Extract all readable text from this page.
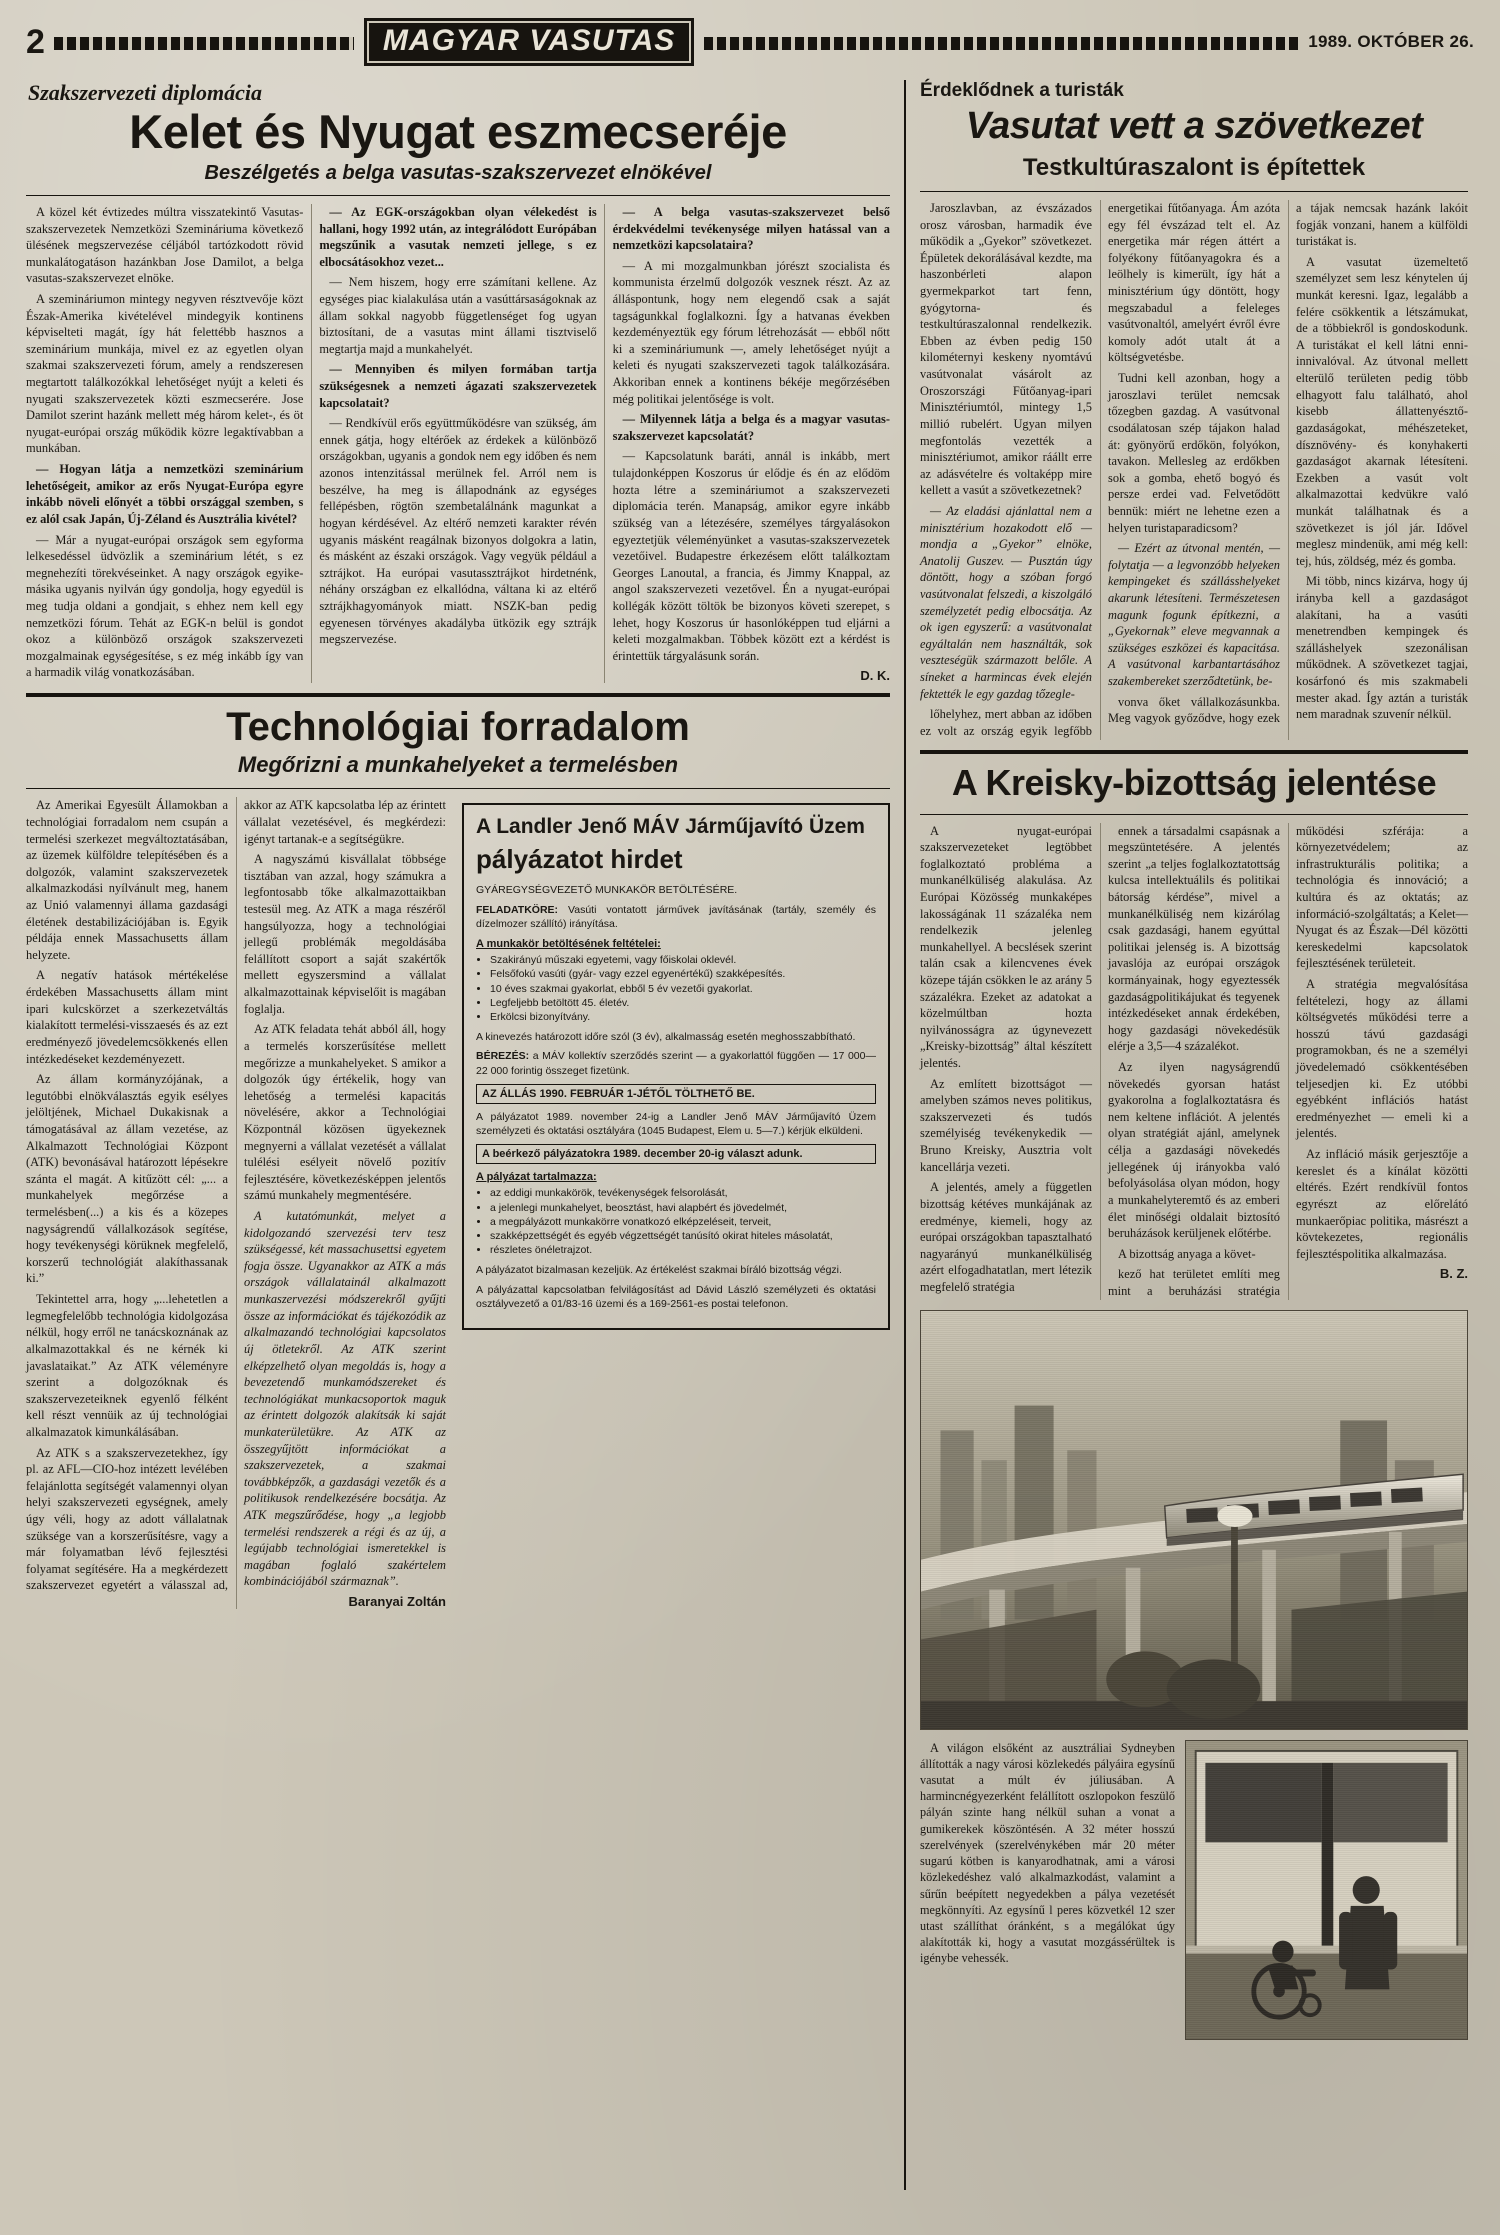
2	MAGYAR VASUTAS	1989. OKTÓBER 26.
Szakszervezeti diplomácia
Kelet és Nyugat eszmecseréje
Beszélgetés a belga vasutas-szakszervezet elnökével

A közel két évtizedes múltra visszatekintő Vasutas-szakszervezetek Nemzetközi Szemináriuma következő ülésének megszervezése céljából tartózkodott rövid munkalátogatáson hazánkban Jose Damilot, a belga vasutas-szakszervezet elnöke.

A szemináriumon mintegy negyven résztvevője közt Észak-Amerika kivételével mindegyik kontinens képviselteti magát, így hát felettébb hasznos a szeminárium munkája, mivel ez az egyetlen olyan szakmai szakszervezeti fórum, amely a rendszeresen megtartott találkozókkal lehetőséget nyújt a keleti és nyugati szakszervezetek közti eszmecserére. Jose Damilot szerint hazánk mellett még három kelet-, és öt nyugat-európai ország működik közre legaktívabban a munkában.

— Hogyan látja a nemzetközi szeminárium lehetőségeit, amikor az erős Nyugat-Európa egyre inkább növeli előnyét a többi országgal szemben, s ez alól csak Japán, Új-Zéland és Ausztrália kivétel?

— Már a nyugat-európai országok sem egyforma lelkesedéssel üdvözlik a szeminárium létét, s ez megnehezíti törekvéseinket. A nagy országok egyike-másika ugyanis nyilván úgy gondolja, hogy egyedül is meg tudja oldani a gondjait, s ehhez nem kell egy nemzetközi fórum. Tehát az EGK-n belül is gondot okoz a különböző országok szakszervezeti mozgalmainak egységesítése, s ez még inkább így van a harmadik világ vonatkozásában.

— Az EGK-országokban olyan vélekedést is hallani, hogy 1992 után, az integrálódott Európában megszűnik a vasutak nemzeti jellege, s ez elbocsátásokhoz vezet...

— Nem hiszem, hogy erre számítani kellene. Az egységes piac kialakulása után a vasúttársaságoknak az állam sokkal nagyobb függetlenséget fog ugyan biztosítani, de a vasutas mint állami tisztviselő megtartja majd a munkahelyét.

— Mennyiben és milyen formában tartja szükségesnek a nemzeti ágazati szakszervezetek kapcsolatait?

— Rendkívül erős együttműködésre van szükség, ám ennek gátja, hogy eltérőek az érdekek a különböző országokban, ugyanis a gondok nem egy időben és nem azonos intenzitással merülnek fel. Arról nem is beszélve, ha meg is állapodnánk az egységes fellépésben, rögtön szembetalálnánk magunkat a hogyan kérdésével. Az eltérő nemzeti karakter révén ugyanis másként reagálnak bizonyos dolgokra a latin, és másként az északi országok. Vagy vegyük például a sztrájkot. Ha európai vasutassztrájkot hirdetnénk, néhány országban ez elkallódna, váltana ki az eltérő sztrájkhagyományok miatt. NSZK-ban pedig egyenesen törvényes akadályba ütközik egy sztrájk megszervezése.

— A belga vasutas-szakszervezet belső érdekvédelmi tevékenysége milyen hatással van a nemzetközi kapcsolataira?

— A mi mozgalmunkban jórészt szocialista és kommunista érzelmű dolgozók vesznek részt. Az az álláspontunk, hogy nem elegendő csak a saját tagságunkkal foglalkozni. Így a hatvanas években kezdeményeztük egy fórum létrehozását — ebből nőtt ki a szemináriumunk —, amely lehetőséget nyújt a keleti és nyugati szakszervezeti tagok találkozására. Akkoriban ennek a kontinens békéje megőrzésében még politikai jelentősége is volt.

— Milyennek látja a belga és a magyar vasutas-szakszervezet kapcsolatát?

— Kapcsolatunk baráti, annál is inkább, mert tulajdonképpen Koszorus úr elődje és én az elődöm hozta létre a szemináriumot a szakszervezeti diplomácia terén. Manapság, amikor egyre inkább szükség van a létezésére, személyes tárgyalásokon egyeztetjük véleményünket a vasutas-szakszervezetek vezetőivel. Budapestre érkezésem előtt találkoztam Georges Lanoutal, a francia, és Jimmy Knappal, az angol szakszervezeti vezetővel. Én a nyugat-európai kollégák között töltök be bizonyos követi szerepet, s lehet, hogy Koszorus úr hasonlóképpen tud eljárni a keleti mozgalmakban. Többek között ezt a kérdést is érintettük tárgyalásunk során.

D. K.
Technológiai forradalom
Megőrizni a munkahelyeket a termelésben

Az Amerikai Egyesült Államokban a technológiai forradalom nem csupán a termelési szerkezet megváltoztatásában, az üzemek külföldre telepítésében és a dolgozók, valamint szakszervezetek alkalmazkodási nyílvánult meg, hanem az Unió valamennyi állama gazdasági életének destabilizációjában is. Egyik példája ennek Massachusetts állam helyzete.

A negatív hatások mértékelése érdekében Massachusetts állam mint ipari kulcskörzet a szerkezetváltás kialakított termelési-visszaesés és az ezt eredményező jövedelemcsökkenés ellen intézkedéseket kezdeményezett.

Az állam kormányzójának, a legutóbbi elnökválasztás egyik esélyes jelöltjének, Michael Dukakisnak a támogatásával az állam vezetése, az Alkalmazott Technológiai Központ (ATK) bevonásával határozott lépésekre szánta el magát. A kitűzött cél: „... a munkahelyek megőrzése a termelésben(...) a kis és a közepes nagyságrendű vállalkozások segítése, hogy tevékenységi körüknek megfelelő, korszerű technológiát alakíthassanak ki.”

Tekintettel arra, hogy „...lehetetlen a legmegfelelőbb technológia kidolgozása nélkül, hogy erről ne tanácskoznának az alkalmazottakkal és ne kérnék ki javaslataikat.” Az ATK véleményre szerint a dolgozóknak és szakszervezeteiknek egyenlő félként kell részt vennüik az új technológiai alkalmazatok kimunkálásában.

Az ATK s a szakszervezetekhez, így pl. az AFL—CIO-hoz intézett levélében felajánlotta segítségét valamennyi olyan helyi szakszervezeti egységnek, amely úgy véli, hogy az adott vállalatnak szüksége van a korszerűsítésre, vagy a már folyamatban lévő fejlesztési folyamat segítésére. Ha a megkérdezett szakszervezet egyetért a válasszal ad, akkor az ATK kapcsolatba lép az érintett vállalat vezetésével, és megkérdezi: igényt tartanak-e a segítségükre.

A nagyszámú kisvállalat többsége tisztában van azzal, hogy számukra a legfontosabb tőke alkalmazottaikban testesül meg. Az ATK a maga részéről hangsúlyozza, hogy a technológiai jellegű problémák megoldásába felállított csoport a saját szakértők mellett egyszersmind a vállalat alkalmazottainak képviselőit is magában foglalja.

Az ATK feladata tehát abból áll, hogy a termelés korszerűsítése mellett megőrizze a munkahelyeket. S amikor a dolgozók úgy értékelik, hogy van lehetőség a termelési kapacitás növelésére, akkor a Technológiai Központnál közösen ügyekeznek megnyerni a vállalat vezetését a vállalat tulélési esélyeit növelő pozitív fejlesztésére, következésképpen jelentős számú munkahely megmentésére.

A kutatómunkát, melyet a kidolgozandó szervezési terv tesz szükségessé, két massachusettsi egyetem fogja össze. Ugyanakkor az ATK a más országok vállalatainál alkalmazott munkaszervezési módszerekről gyűjti össze az információkat és tájékozódik az alkalmazandó technológiai kapcsolatos új ötletekről. Az ATK szerint elképzelhető olyan megoldás is, hogy a bevezetendő munkamódszereket és technológiákat munkacsoportok maguk az érintett dolgozók alakítsák ki saját munkaterületükre. Az ATK az összegyűjtött információkat a szakszervezetek, a szakmai továbbképzők, a gazdasági vezetők és a politikusok rendelkezésére bocsátja. Az ATK megszűrődése, hogy „a legjobb termelési rendszerek a régi és az új, a legújabb technológiai ismeretekkel is magában foglaló szakértelem kombinációjából származnak”.

Baranyai Zoltán
A Landler Jenő MÁV Járműjavító Üzem
pályázatot hirdet
GYÁREGYSÉGVEZETŐ MUNKAKÖR BETÖLTÉSÉRE.
FELADATKÖRE: Vasúti vontatott járművek javításának (tartály, személy és dízelmozer szállító) irányítása.
A munkakör betöltésének feltételei:
• Szakirányú műszaki egyetemi, vagy főiskolai oklevél.
• Felsőfokú vasúti (gyár- vagy ezzel egyenértékű) szakképesítés.
• 10 éves szakmai gyakorlat, ebből 5 év vezetői gyakorlat.
• Legfeljebb betöltött 45. életév.
• Erkölcsi bizonyítvány.
A kinevezés határozott időre szól (3 év), alkalmasság esetén meghosszabbítható.
BÉREZÉS: a MÁV kollektív szerződés szerint — a gyakorlattól függően — 17 000—22 000 forintig összeget fizetünk.
AZ ÁLLÁS 1990. FEBRUÁR 1-JÉTŐL TÖLTHETŐ BE.
A pályázatot 1989. november 24-ig a Landler Jenő MÁV Járműjavító Üzem személyzeti és oktatási osztályára (1045 Budapest, Elem u. 5—7.) kérjük elküldeni.
A beérkező pályázatokra 1989. december 20-ig választ adunk.
A pályázat tartalmazza:
• az eddigi munkakörök, tevékenységek felsorolását,
• a jelenlegi munkahelyet, beosztást, havi alapbért és jövedelmét,
• a megpályázott munkakörre vonatkozó elképzeléseit, terveit,
• szakképzettségét és egyéb végzettségét tanúsító okirat hiteles másolatát,
• részletes önéletrajzot.
A pályázatot bizalmasan kezeljük. Az értékelést szakmai bíráló bizottság végzi.
A pályázattal kapcsolatban felvilágosítást ad Dávid László személyzeti és oktatási osztályvezető a 01/83-16 üzemi és a 169-2561-es postai telefonon.
Érdeklődnek a turisták
Vasutat vett a szövetkezet
Testkultúraszalont is építettek

Jaroszlavban, az évszázados orosz városban, harmadik éve működik a „Gyekor” szövetkezet. Épületek dekorálásával kezdte, ma haszonbérleti alapon gyermekparkot tart fenn, gyógytorna- és testkultúraszalonnal rendelkezik. Ebben az évben pedig 150 kilométernyi keskeny nyomtávú vasútvonalat vásárolt az Oroszországi Fűtőanyag-ipari Minisztériumtól, mintegy 1,5 millió rubelért. Ugyan milyen megfontolás vezették a minisztériumot, amikor ráállt erre az adásvételre és voltaképp mire kellett a vasút a szövetkezetnek?

— Az eladási ajánlattal nem a minisztérium hozakodott elő — mondja a „Gyekor” elnöke, Anatolij Guszev. — Pusztán úgy döntött, hogy a szóban forgó vasútvonalat felszedi, a kiszolgáló személyzetét pedig elbocsátja. Az ok igen egyszerű: a vasútvonalat egyáltalán nem használták, sok veszteségük származott belőle. A síneket a harmincas évek elején fektették le egy gazdag tőzegle-

lőhelyhez, mert abban az időben ez volt az ország egyik legfőbb energetikai fűtőanyaga. Ám azóta egy fél évszázad telt el. Az energetika már régen áttért a folyékony fűtőanyagokra és a leölhely is kimerült, így hát a minisztérium úgy döntött, hogy megszabadul a feleleges vasútvonaltól, amelyért évről évre komoly adót utalt át a költségvetésbe.

Tudni kell azonban, hogy a jaroszlavi terület nemcsak tőzegben gazdag. A vasútvonal csodálatosan szép tájakon halad át: gyönyörű erdőkön, folyókon, tavakon. Mellesleg az erdőkben sok a gomba, ehető bogyó és persze erdei vad. Felvetődött bennük: miért ne lehetne ezen a helyen turistaparadicsom?

— Ezért az útvonal mentén, — folytatja — a legvonzóbb helyeken kempingeket és szállásshelyeket akarunk létesíteni. Természetesen magunk fogunk építkezni, a „Gyekornak” eleve megvannak a szükséges eszközei és kapacitása. A vasútvonal karbantartásához szakembereket szerződtetünk, be-

vonva őket vállalkozásunkba. Meg vagyok győződve, hogy ezek a tájak nemcsak hazánk lakóit fogják vonzani, hanem a külföldi turistákat is.

A vasutat üzemeltető személyzet sem lesz kénytelen új munkát keresni. Igaz, legalább a felére csökkentik a létszámukat, de a többiekről is gondoskodunk. A turistákat el kell látni enni-innivalóval. Az útvonal mellett elterülő területen pedig több elhagyott falu található, ahol kisebb állattenyésztő-gazdaságokat, méhészeteket, dísznövény- és konyhakerti gazdaságot akarnak létesíteni. Ezekben a vasút volt alkalmazottai kedvükre való munkát találhatnak és a szövetkezet is jól jár. Idővel meglesz mindenük, ami még kell: tej, hús, zöldség, méz és gomba.

Mi több, nincs kizárva, hogy új irányba kell a gazdaságot alakítani, ha a vasúti menetrendben kempingek és szálláshelyek szezonálisan működnek. A szövetkezet tagjai, kosárfonó és mis szakmabeli mester akad. Így aztán a turisták nem maradnak szuvenír nélkül.

A Kreisky-bizottság jelentése

A nyugat-európai szakszervezeteket legtöbbet foglalkoztató probléma a munkanélküliség alakulása. Az Európai Közösség munkaképes lakosságának 11 százaléka nem rendelkezik jelenleg munkahellyel. A becslések szerint talán csak a kilencvenes évek közepe táján csökken le az arány 5 százalékra. Ezeket az adatokat a közelmúltban hozta nyilvánosságra az úgynevezett „Kreisky-bizottság” által készített jelentés.

Az említett bizottságot — amelyben számos neves politikus, szakszervezeti és tudós személyiség tevékenykedik — Bruno Kreisky, Ausztria volt kancellárja vezeti.

A jelentés, amely a független bizottság kétéves munkájának az eredménye, kiemeli, hogy az európai országokban tapasztalható nagyarányú munkanélküliség azért elfogadhatatlan, mert létezik megfelelő stratégia

ennek a társadalmi csapásnak a megszüntetésére. A jelentés szerint „a teljes foglalkoztatottság kulcsa intellektuálils és politikai bátorság kérdése”, mivel a munkanélküliség nem kizárólag csak gazdasági, hanem egyúttal politikai jelenség is. A bizottság javaslója az európai országok kormányainak, hogy egyeztessék gazdaságpolitikájukat és tegyenek intézkedéseket annak érdekében, hogy gazdasági növekedésük elérje a 3,5—4 százalékot.

Az ilyen nagyságrendű növekedés gyorsan hatást gyakorolna a foglalkoztatásra és nem keltene inflációt. A jelentés olyan stratégiát ajánl, amelynek célja a gazdasági növekedés jellegének új irányokba való befolyásolása olyan módon, hogy a munkahelyteremtő és az emberi élet minőségi oldalait biztosító beruházások kerüljenek előtérbe.

A bizottság anyaga a követ-

kező hat területet említi meg mint a beruházási stratégia működési szférája: a környezetvédelem; az infrastrukturális politika; a technológia és innováció; a kultúra és az oktatás; az információ-szolgáltatás; a Kelet—Nyugat és az Észak—Dél közötti kereskedelmi kapcsolatok fejlesztésének területeit.

A stratégia megvalósítása feltételezi, hogy az állami költségvetés működési terre a hosszú távú gazdasági programokban, és ne a személyi jövedelemadó csökkentésében teljesedjen ki. Ez utóbbi egyébként inflációs hatást eredményezhet — emeli ki a jelentés.

Az infláció másik gerjesztője a kereslet és a kínálat közötti eltérés. Ezért rendkívül fontos egyrészt az előrelátó munkaerőpiac politika, másrészt a kövtekezetes, regionális fejlesztéspolitika alkalmazása.

B. Z.

A világon elsőként az ausztráliai Sydneyben állították a nagy városi közlekedés pályáira egysínű vasutat a múlt év júliusában. A harmincnégyezerként felállított oszlopokon feszülő pályán szinte hang nélkül suhan a vonat a gumikerekek köszöntésén. A 32 méter hosszú szerelvények (szerelvénykében már 20 méter sugarú kötben is kanyarodhatnak, ami a városi közlekedéshez való alkalmazkodást, valamint a sűrűn beépített negyedekben a pálya vezetését megkönnyíti. Az egysínű l peres közvetkél 12 szer utast szállíthat óránként, s a megálókat úgy alakították ki, hogy a vasutat mozgássérültek is igénybe vehessék.
